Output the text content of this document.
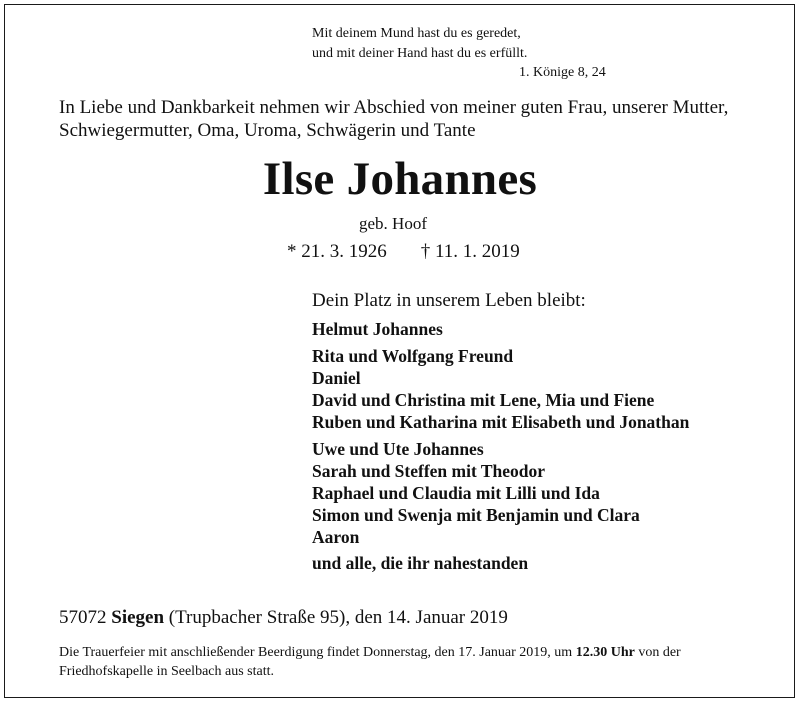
Mit deinem Mund hast du es geredet,
und mit deiner Hand hast du es erfüllt.
1. Könige 8, 24
In Liebe und Dankbarkeit nehmen wir Abschied von meiner guten Frau, unserer Mutter,
Schwiegermutter, Oma, Uroma, Schwägerin und Tante
Ilse Johannes
geb. Hoof
* 21. 3. 1926 † 11. 1. 2019
Dein Platz in unserem Leben bleibt:
Helmut Johannes
Rita und Wolfgang Freund
Daniel
David und Christina mit Lene, Mia und Fiene
Ruben und Katharina mit Elisabeth und Jonathan
Uwe und Ute Johannes
Sarah und Steffen mit Theodor
Raphael und Claudia mit Lilli und Ida
Simon und Swenja mit Benjamin und Clara
Aaron
und alle, die ihr nahestanden
57072 Siegen (Trupbacher Straße 95), den 14. Januar 2019
Die Trauerfeier mit anschließender Beerdigung findet Donnerstag, den 17. Januar 2019, um 12.30 Uhr von der Friedhofskapelle in Seelbach aus statt.
